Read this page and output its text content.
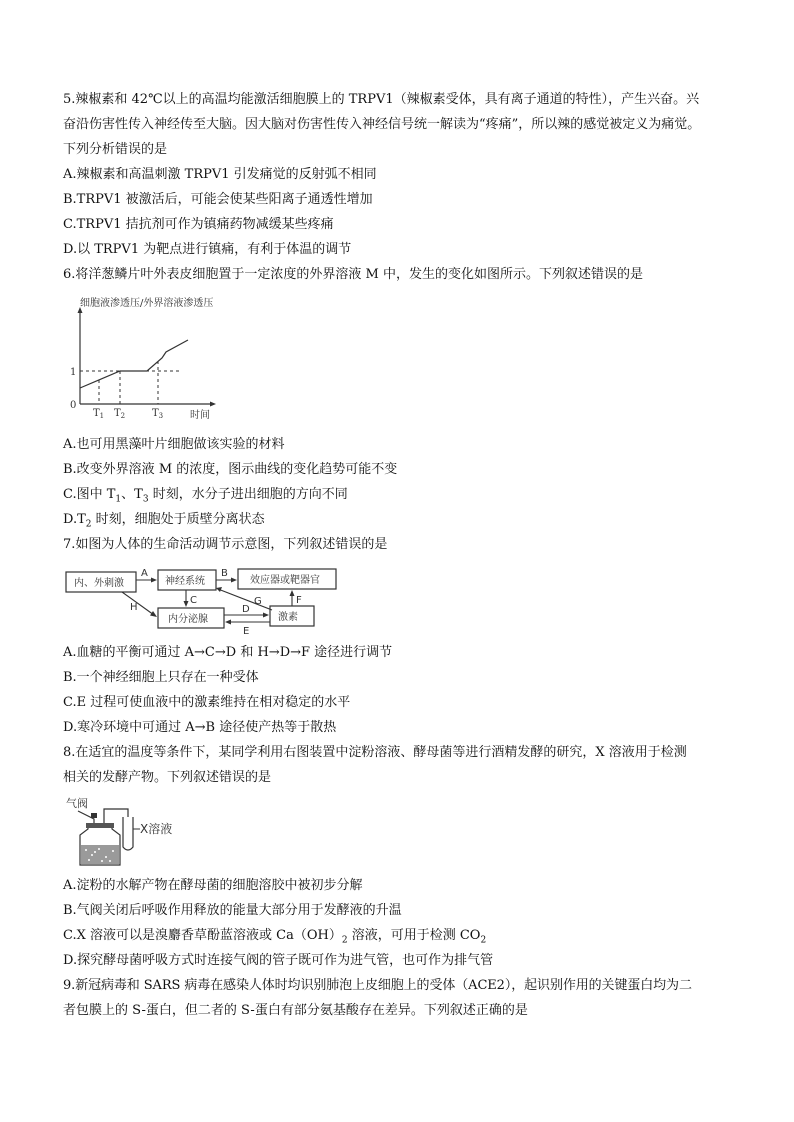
5.辣椒素和 42℃以上的高温均能激活细胞膜上的 TRPV1（辣椒素受体，具有离子通道的特性），产生兴奋。兴
奋沿伤害性传入神经传至大脑。因大脑对伤害性传入神经信号统一解读为“疼痛”，所以辣的感觉被定义为痛觉。
下列分析错误的是
A.辣椒素和高温刺激 TRPV1 引发痛觉的反射弧不相同
B.TRPV1 被激活后，可能会使某些阳离子通透性增加
C.TRPV1 拮抗剂可作为镇痛药物减缓某些疼痛
D.以 TRPV1 为靶点进行镇痛，有利于体温的调节
6.将洋葱鳞片叶外表皮细胞置于一定浓度的外界溶液 M 中，发生的变化如图所示。下列叙述错误的是
细胞液渗透压/外界溶液渗透压
1
0
$T_1$ $T_2$	$T_3$	时间
A.也可用黑藻叶片细胞做该实验的材料
B.改变外界溶液 M 的浓度，图示曲线的变化趋势可能不变
C.图中 $T_1$、$T_3$ 时刻，水分子进出细胞的方向不同
$D.T_2$ 时刻，细胞处于质壁分离状态
7.如图为人体的生命活动调节示意图，下列叙述错误的是
内、外刺激	神经系统	效应器或靶器官
内分泌腺	激素
A	B
C
D
E
F
G
H
A.血糖的平衡可通过 A→C→D 和 H→D→F 途径进行调节
B.一个神经细胞上只存在一种受体
C.E 过程可使血液中的激素维持在相对稳定的水平
D.寒冷环境中可通过 A→B 途径使产热等于散热
8.在适宜的温度等条件下，某同学利用右图装置中淀粉溶液、酵母菌等进行酒精发酵的研究，X 溶液用于检测
相关的发酵产物。下列叙述错误的是
气阀
X溶液
A.淀粉的水解产物在酵母菌的细胞溶胶中被初步分解
B.气阀关闭后呼吸作用释放的能量大部分用于发酵液的升温
C.X 溶液可以是溴麝香草酚蓝溶液或 $Ca(OH)_2$ 溶液，可用于检测 $CO_2$
D.探究酵母菌呼吸方式时连接气阀的管子既可作为进气管，也可作为排气管
9.新冠病毒和 SARS 病毒在感染人体时均识别肺泡上皮细胞上的受体（ACE2），起识别作用的关键蛋白均为二
者包膜上的 S-蛋白，但二者的 S-蛋白有部分氨基酸存在差异。下列叙述正确的是
